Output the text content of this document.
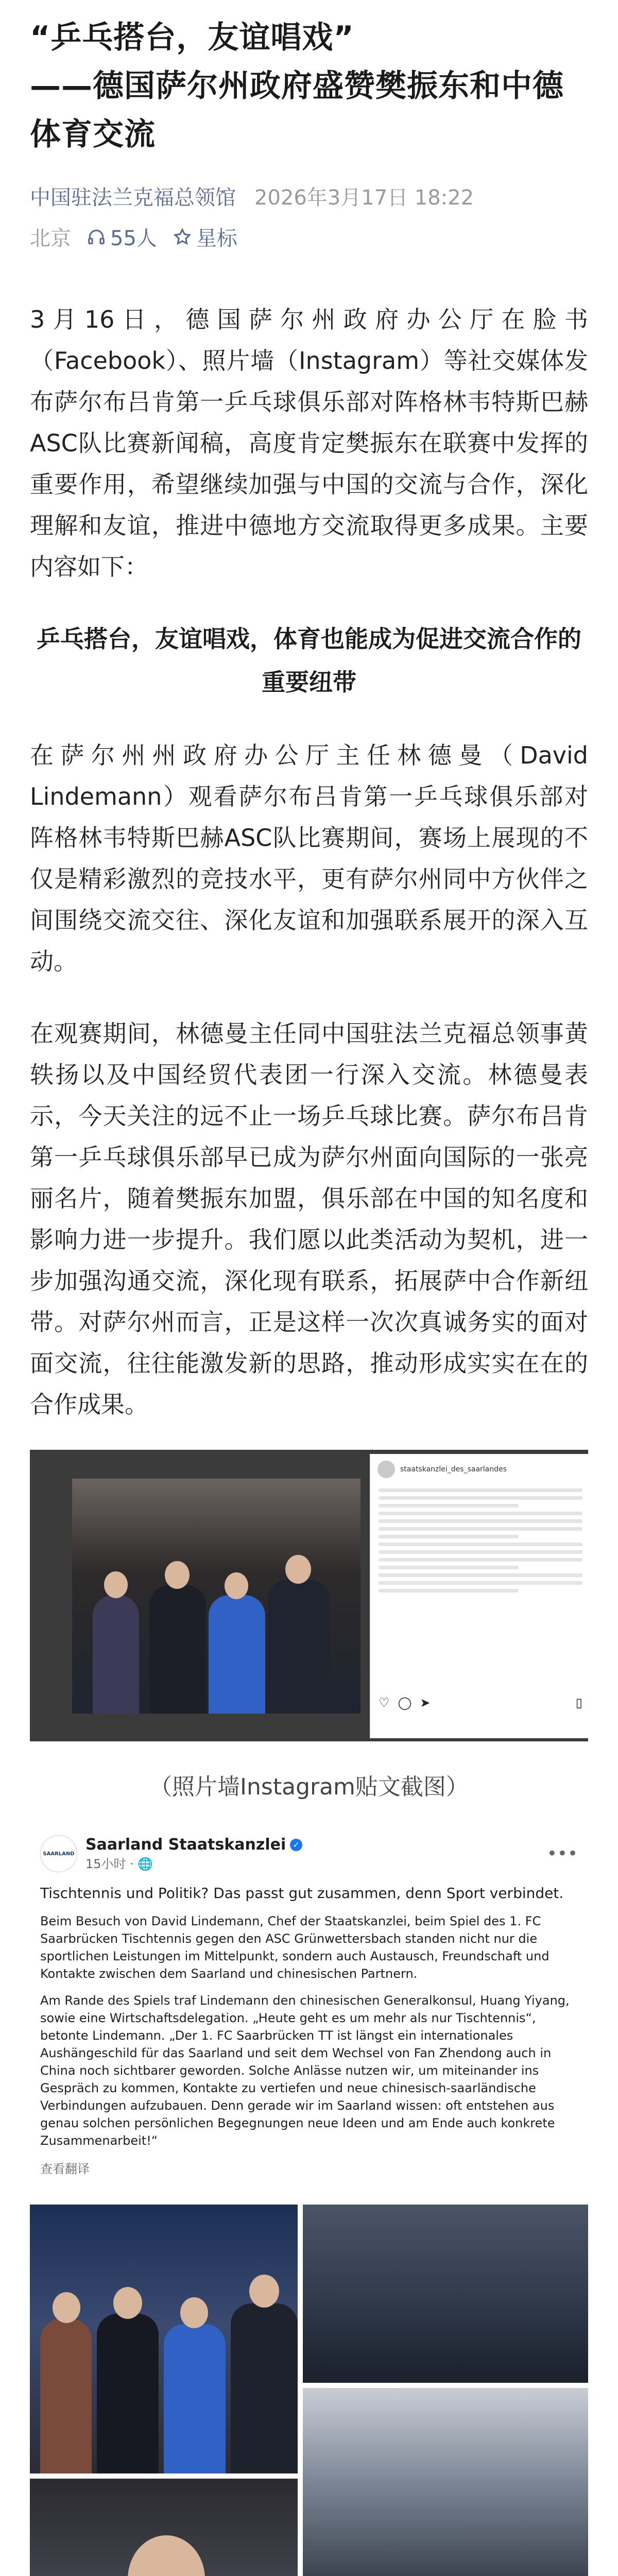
“乒乓搭台，友谊唱戏”
——德国萨尔州政府盛赞樊振东和中德体育交流
中国驻法兰克福总领馆 2026年3月17日 18:22
北京 55人 星标

3月16日，德国萨尔州政府办公厅在脸书（Facebook）、照片墙（Instagram）等社交媒体发布萨尔布吕肯第一乒乓球俱乐部对阵格林韦特斯巴赫ASC队比赛新闻稿，高度肯定樊振东在联赛中发挥的重要作用，希望继续加强与中国的交流与合作，深化理解和友谊，推进中德地方交流取得更多成果。主要内容如下：

乒乓搭台，友谊唱戏，体育也能成为促进交流合作的重要纽带

在萨尔州州政府办公厅主任林德曼（David Lindemann）观看萨尔布吕肯第一乒乓球俱乐部对阵格林韦特斯巴赫ASC队比赛期间，赛场上展现的不仅是精彩激烈的竞技水平，更有萨尔州同中方伙伴之间围绕交流交往、深化友谊和加强联系展开的深入互动。

在观赛期间，林德曼主任同中国驻法兰克福总领事黄轶扬以及中国经贸代表团一行深入交流。林德曼表示，今天关注的远不止一场乒乓球比赛。萨尔布吕肯第一乒乓球俱乐部早已成为萨尔州面向国际的一张亮丽名片，随着樊振东加盟，俱乐部在中国的知名度和影响力进一步提升。我们愿以此类活动为契机，进一步加强沟通交流，深化现有联系，拓展萨中合作新纽带。对萨尔州而言，正是这样一次次真诚务实的面对面交流，往往能激发新的思路，推动形成实实在在的合作成果。

staatskanzlei_des_saarlandes
♡ ◯ ➤	▯
（照片墙Instagram贴文截图）
SAARLAND Saarland Staatskanzlei ✓
15小时 · 🌐	•••

Tischtennis und Politik? Das passt gut zusammen, denn Sport verbindet.

Beim Besuch von David Lindemann, Chef der Staatskanzlei, beim Spiel des 1. FC Saarbrücken Tischtennis gegen den ASC Grünwettersbach standen nicht nur die sportlichen Leistungen im Mittelpunkt, sondern auch Austausch, Freundschaft und Kontakte zwischen dem Saarland und chinesischen Partnern.

Am Rande des Spiels traf Lindemann den chinesischen Generalkonsul, Huang Yiyang, sowie eine Wirtschaftsdelegation. „Heute geht es um mehr als nur Tischtennis“, betonte Lindemann. „Der 1. FC Saarbrücken TT ist längst ein internationales Aushängeschild für das Saarland und seit dem Wechsel von Fan Zhendong auch in China noch sichtbarer geworden. Solche Anlässe nutzen wir, um miteinander ins Gespräch zu kommen, Kontakte zu vertiefen und neue chinesisch-saarländische Verbindungen aufzubauen. Denn gerade wir im Saarland wissen: oft entstehen aus genau solchen persönlichen Begegnungen neue Ideen und am Ende auch konkrete Zusammenarbeit!“

查看翻译
